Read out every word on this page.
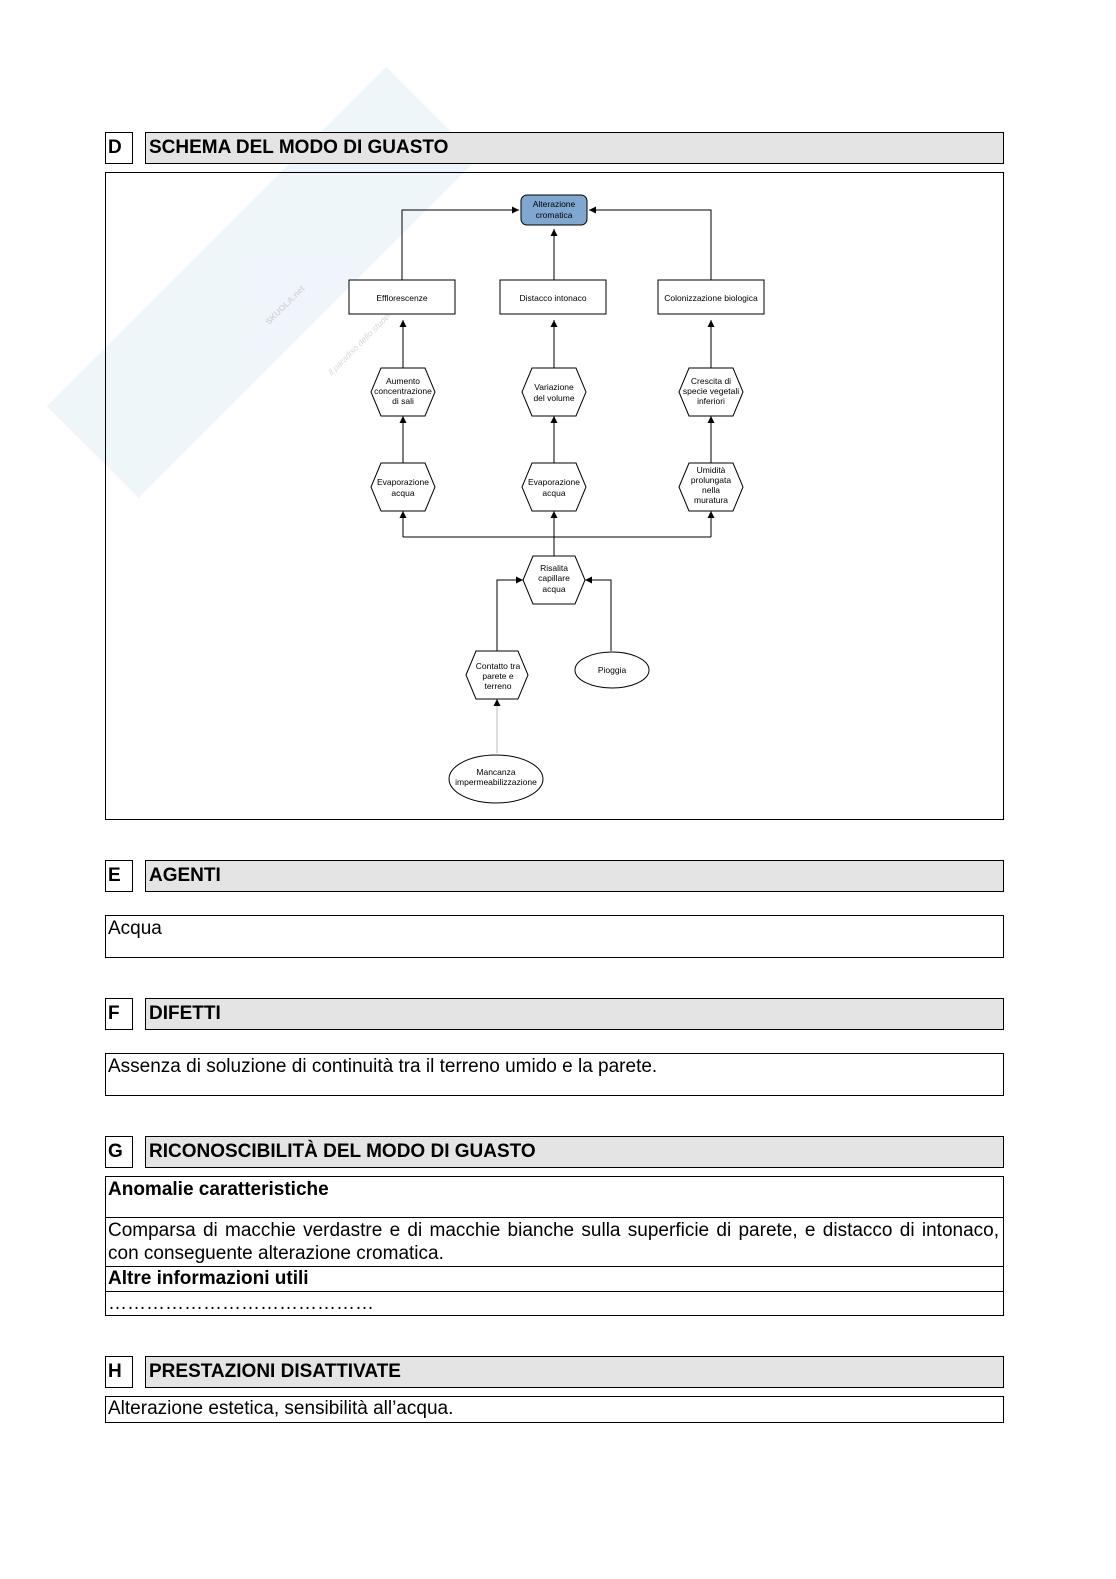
SKUOLA.net il paradiso dello studente
D	SCHEMA DEL MODO DI GUASTO
Alterazione
cromatica
Efflorescenze	Distacco intonaco	Colonizzazione biologica
Aumento
concentrazione
di sali
Variazione
del volume
Crescita di
specie vegetali
inferiori
Evaporazione
acqua
Evaporazione
acqua
Umidità
prolungata
nella
muratura
Risalita
capillare
acqua
Contatto tra
parete e
terreno
Pioggia
Mancanza
impermeabilizzazione
E	AGENTI
Acqua
F	DIFETTI
Assenza di soluzione di continuità tra il terreno umido e la parete.
G	RICONOSCIBILITÀ DEL MODO DI GUASTO
Anomalie caratteristiche
Comparsa di macchie verdastre e di macchie bianche sulla superficie di parete, e distacco di intonaco, con conseguente alterazione cromatica.
Altre informazioni utili
……………………………………
H	PRESTAZIONI DISATTIVATE
Alterazione estetica, sensibilità all’acqua.
